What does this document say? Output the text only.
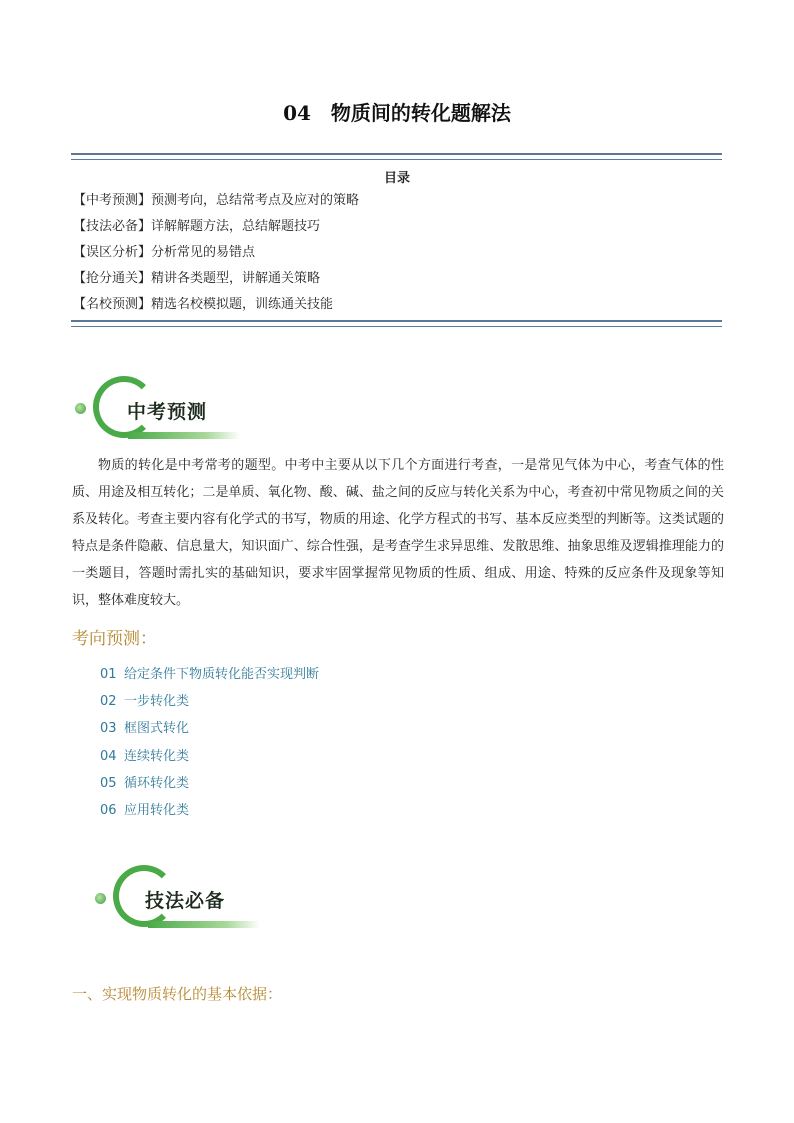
04　物质间的转化题解法
目录
【中考预测】预测考向，总结常考点及应对的策略
【技法必备】详解解题方法，总结解题技巧
【误区分析】分析常见的易错点
【抢分通关】精讲各类题型，讲解通关策略
【名校预测】精选名校模拟题，训练通关技能
中考预测

物质的转化是中考常考的题型。中考中主要从以下几个方面进行考查，一是常见气体为中心，考查气体的性质、用途及相互转化；二是单质、氧化物、酸、碱、盐之间的反应与转化关系为中心，考查初中常见物质之间的关系及转化。考查主要内容有化学式的书写，物质的用途、化学方程式的书写、基本反应类型的判断等。这类试题的特点是条件隐蔽、信息量大，知识面广、综合性强，是考查学生求异思维、发散思维、抽象思维及逻辑推理能力的一类题目，答题时需扎实的基础知识，要求牢固掌握常见物质的性质、组成、用途、特殊的反应条件及现象等知识，整体难度较大。

考向预测：
01 给定条件下物质转化能否实现判断
02 一步转化类
03 框图式转化
04 连续转化类
05 循环转化类
06 应用转化类
技法必备
一、实现物质转化的基本依据：
